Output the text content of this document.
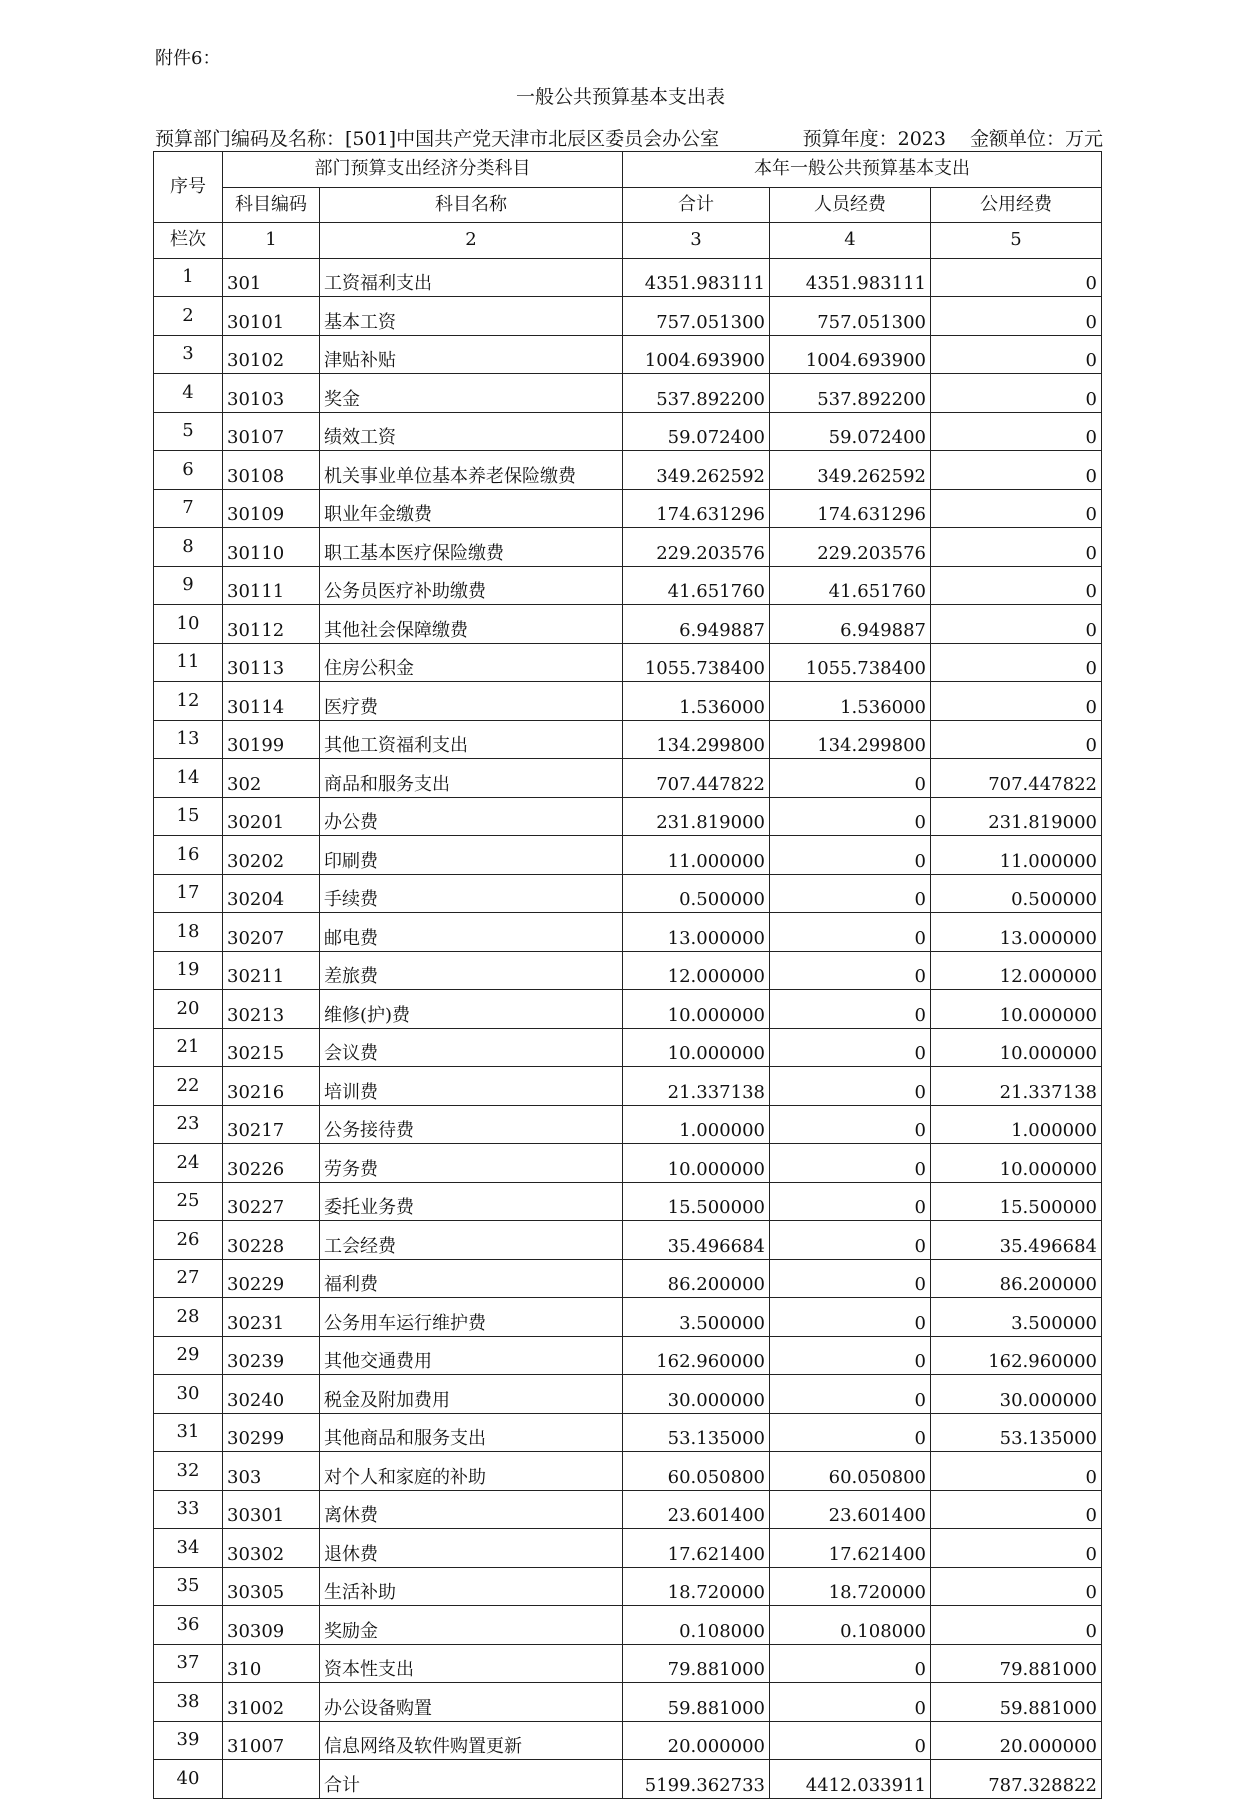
附件6：
一般公共预算基本支出表
预算部门编码及名称：[501]中国共产党天津市北辰区委员会办公室	预算年度：2023 金额单位：万元
序号	部门预算支出经济分类科目		本年一般公共预算基本支出		
	科目编码	科目名称	合计	人员经费	公用经费
栏次	1	2	3	4	5
1	301	工资福利支出	4351.983111	4351.983111	0
2	30101	基本工资	757.051300	757.051300	0
3	30102	津贴补贴	1004.693900	1004.693900	0
4	30103	奖金	537.892200	537.892200	0
5	30107	绩效工资	59.072400	59.072400	0
6	30108	机关事业单位基本养老保险缴费	349.262592	349.262592	0
7	30109	职业年金缴费	174.631296	174.631296	0
8	30110	职工基本医疗保险缴费	229.203576	229.203576	0
9	30111	公务员医疗补助缴费	41.651760	41.651760	0
10	30112	其他社会保障缴费	6.949887	6.949887	0
11	30113	住房公积金	1055.738400	1055.738400	0
12	30114	医疗费	1.536000	1.536000	0
13	30199	其他工资福利支出	134.299800	134.299800	0
14	302	商品和服务支出	707.447822	0	707.447822
15	30201	办公费	231.819000	0	231.819000
16	30202	印刷费	11.000000	0	11.000000
17	30204	手续费	0.500000	0	0.500000
18	30207	邮电费	13.000000	0	13.000000
19	30211	差旅费	12.000000	0	12.000000
20	30213	维修(护)费	10.000000	0	10.000000
21	30215	会议费	10.000000	0	10.000000
22	30216	培训费	21.337138	0	21.337138
23	30217	公务接待费	1.000000	0	1.000000
24	30226	劳务费	10.000000	0	10.000000
25	30227	委托业务费	15.500000	0	15.500000
26	30228	工会经费	35.496684	0	35.496684
27	30229	福利费	86.200000	0	86.200000
28	30231	公务用车运行维护费	3.500000	0	3.500000
29	30239	其他交通费用	162.960000	0	162.960000
30	30240	税金及附加费用	30.000000	0	30.000000
31	30299	其他商品和服务支出	53.135000	0	53.135000
32	303	对个人和家庭的补助	60.050800	60.050800	0
33	30301	离休费	23.601400	23.601400	0
34	30302	退休费	17.621400	17.621400	0
35	30305	生活补助	18.720000	18.720000	0
36	30309	奖励金	0.108000	0.108000	0
37	310	资本性支出	79.881000	0	79.881000
38	31002	办公设备购置	59.881000	0	59.881000
39	31007	信息网络及软件购置更新	20.000000	0	20.000000
40		合计	5199.362733	4412.033911	787.328822
